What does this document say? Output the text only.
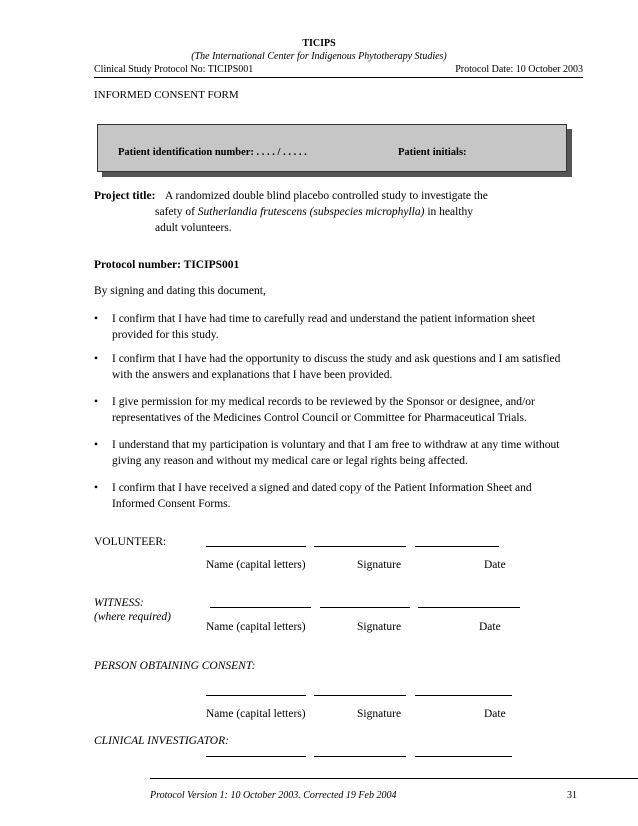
TICIPS
(The International Center for Indigenous Phytotherapy Studies)
Clinical Study Protocol No: TICIPS001	Protocol Date: 10 October 2003
INFORMED CONSENT FORM
Patient identification number: . . . . / . . . . .	Patient initials:
Project title: A randomized double blind placebo controlled study to investigate the
safety of Sutherlandia frutescens (subspecies microphylla) in healthy
adult volunteers.
Protocol number: TICIPS001
By signing and dating this document,
•	I confirm that I have had time to carefully read and understand the patient information sheet
provided for this study.
•	I confirm that I have had the opportunity to discuss the study and ask questions and I am satisfied
with the answers and explanations that I have been provided.
•	I give permission for my medical records to be reviewed by the Sponsor or designee, and/or
representatives of the Medicines Control Council or Committee for Pharmaceutical Trials.
•	I understand that my participation is voluntary and that I am free to withdraw at any time without
giving any reason and without my medical care or legal rights being affected.
•	I confirm that I have received a signed and dated copy of the Patient Information Sheet and
Informed Consent Forms.
VOLUNTEER:
Name (capital letters)	Signature	Date
WITNESS:
(where required)
Name (capital letters)	Signature	Date
PERSON OBTAINING CONSENT:
Name (capital letters)	Signature	Date
CLINICAL INVESTIGATOR:
Protocol Version 1: 10 October 2003. Corrected 19 Feb 2004	31
